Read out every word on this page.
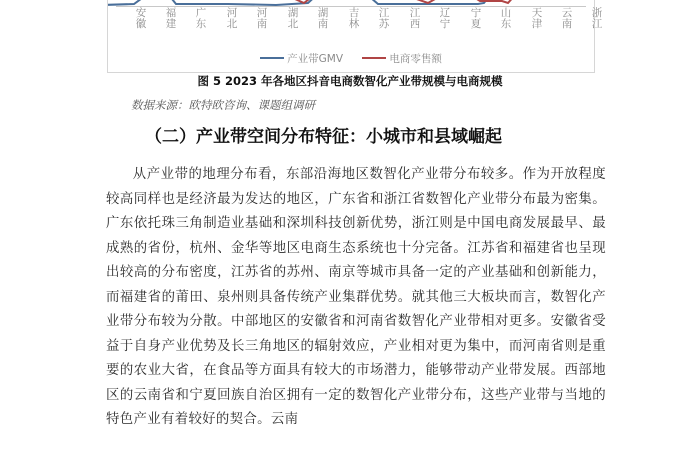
安
徽
福
建
广
东
河
北
河
南
湖
北
湖
南
吉
林
江
苏
江
西
辽
宁
宁
夏
山
东
天
津
云
南
浙
江
产业带GMV
	电商零售额
图 5 2023 年各地区抖音电商数智化产业带规模与电商规模
数据来源：欧特欧咨询、课题组调研
（二）产业带空间分布特征：小城市和县域崛起

从产业带的地理分布看，东部沿海地区数智化产业带分布较多。作为开放程度较高同样也是经济最为发达的地区，广东省和浙江省数智化产业带分布最为密集。广东依托珠三角制造业基础和深圳科技创新优势，浙江则是中国电商发展最早、最成熟的省份，杭州、金华等地区电商生态系统也十分完备。江苏省和福建省也呈现出较高的分布密度，江苏省的苏州、南京等城市具备一定的产业基础和创新能力，而福建省的莆田、泉州则具备传统产业集群优势。就其他三大板块而言，数智化产业带分布较为分散。中部地区的安徽省和河南省数智化产业带相对更多。安徽省受益于自身产业优势及长三角地区的辐射效应，产业相对更为集中，而河南省则是重要的农业大省，在食品等方面具有较大的市场潜力，能够带动产业带发展。西部地区的云南省和宁夏回族自治区拥有一定的数智化产业带分布，这些产业带与当地的特色产业有着较好的契合。云南
